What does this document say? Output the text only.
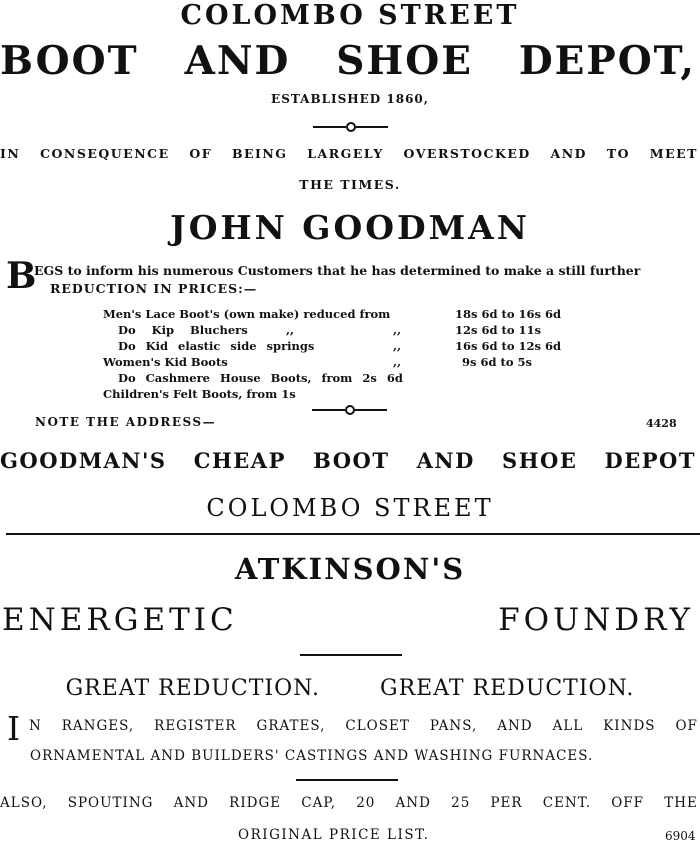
COLOMBO STREET
BOOT AND SHOE DEPOT,
ESTABLISHED 1860,
IN CONSEQUENCE OF BEING LARGELY OVERSTOCKED AND TO MEET
THE TIMES.
JOHN GOODMAN
B
EGS to inform his numerous Customers that he has determined to make a still further
REDUCTION IN PRICES:—
Men's Lace Boot's (own make) reduced from	18s 6d to 16s 6d
Do Kip Bluchers	,,	,,	12s 6d to 11s
Do Kid elastic side springs	,,	16s 6d to 12s 6d
Women's Kid Boots	,,	9s 6d to 5s
Do Cashmere House Boots, from 2s 6d
Children's Felt Boots, from 1s
NOTE THE ADDRESS—	4428
GOODMAN'S CHEAP BOOT AND SHOE DEPOT
COLOMBO STREET
ATKINSON'S
ENERGETIC	FOUNDRY
GREAT REDUCTION.	GREAT REDUCTION.
I N RANGES, REGISTER GRATES, CLOSET PANS, AND ALL KINDS OF
ORNAMENTAL AND BUILDERS' CASTINGS AND WASHING FURNACES.
ALSO, SPOUTING AND RIDGE CAP, 20 AND 25 PER CENT. OFF THE
ORIGINAL PRICE LIST.	6904
